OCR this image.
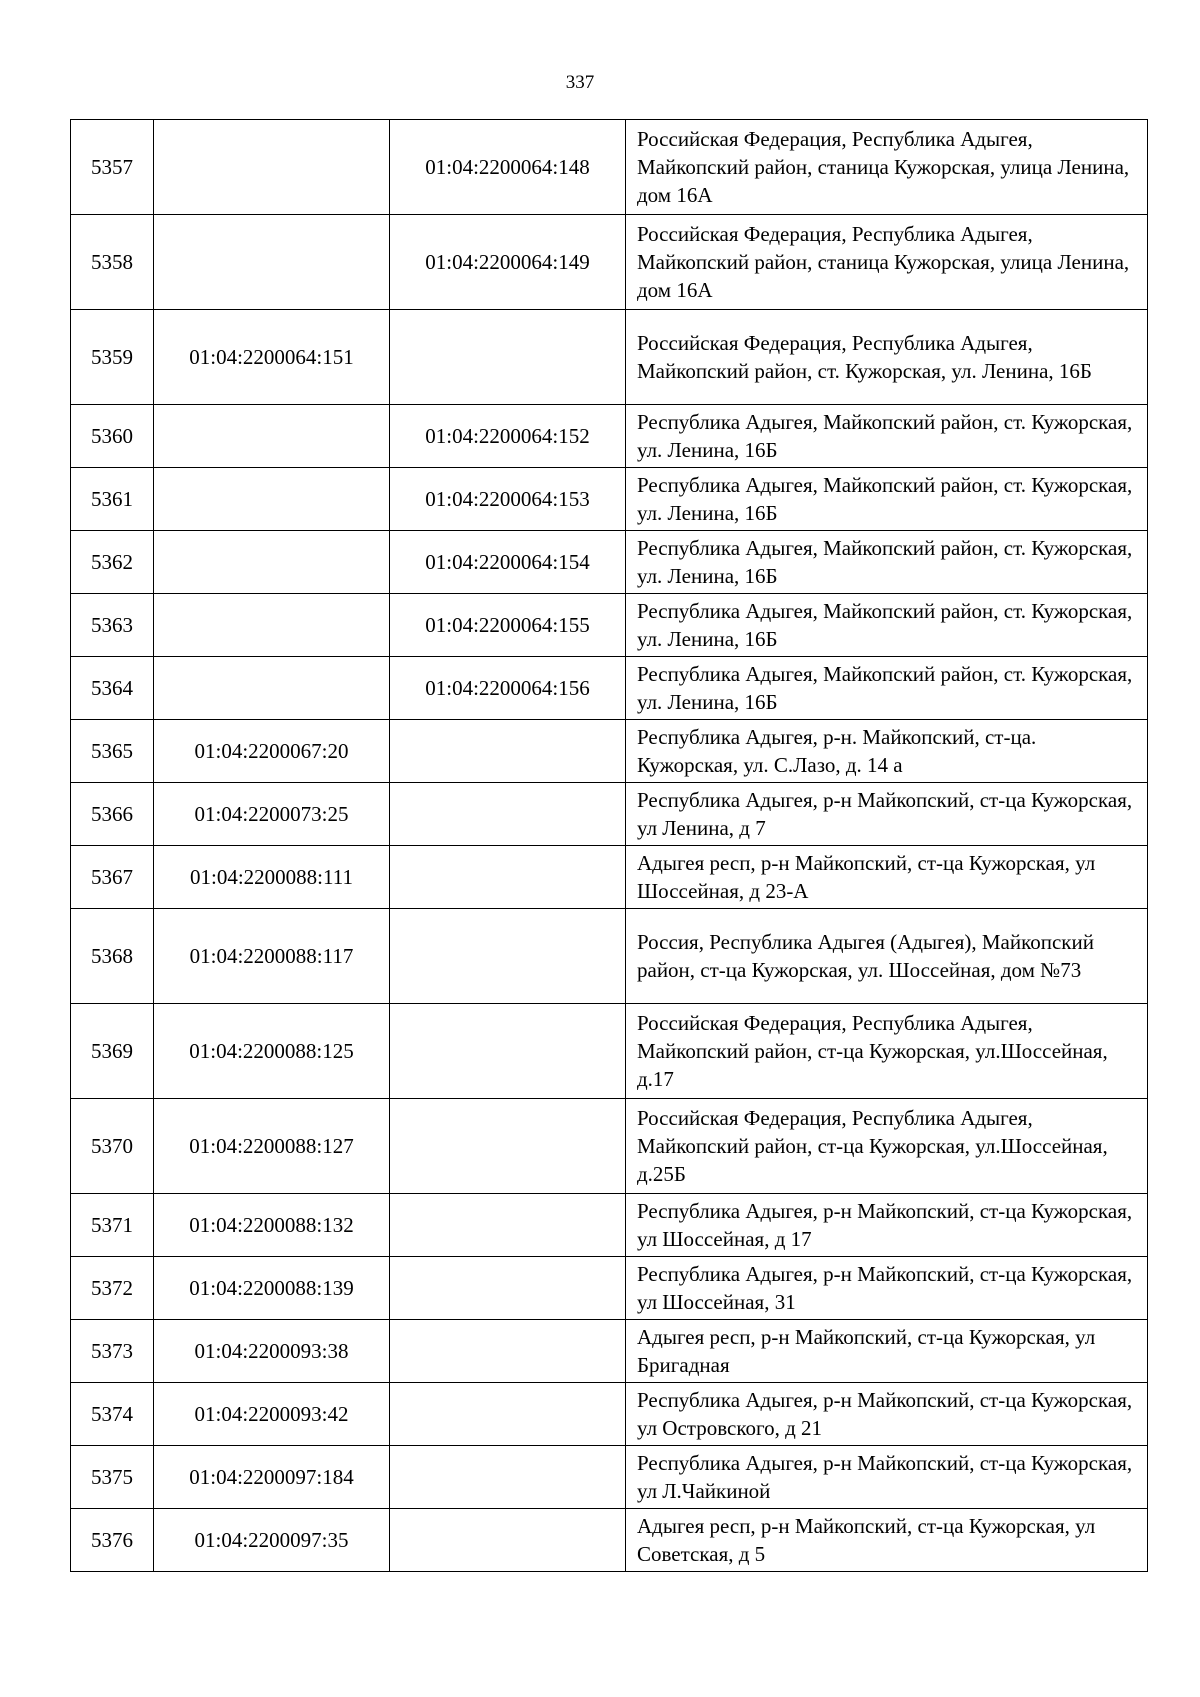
337
5357		01:04:2200064:148	Российская Федерация, Республика Адыгея, Майкопский район, станица Кужорская, улица Ленина, дом 16А
5358		01:04:2200064:149	Российская Федерация, Республика Адыгея, Майкопский район, станица Кужорская, улица Ленина, дом 16А
5359	01:04:2200064:151		Российская Федерация, Республика Адыгея, Майкопский район, ст. Кужорская, ул. Ленина, 16Б
5360		01:04:2200064:152	Республика Адыгея, Майкопский район, ст. Кужорская, ул. Ленина, 16Б
5361		01:04:2200064:153	Республика Адыгея, Майкопский район, ст. Кужорская, ул. Ленина, 16Б
5362		01:04:2200064:154	Республика Адыгея, Майкопский район, ст. Кужорская, ул. Ленина, 16Б
5363		01:04:2200064:155	Республика Адыгея, Майкопский район, ст. Кужорская, ул. Ленина, 16Б
5364		01:04:2200064:156	Республика Адыгея, Майкопский район, ст. Кужорская, ул. Ленина, 16Б
5365	01:04:2200067:20		Республика Адыгея, р-н. Майкопский, ст-ца. Кужорская, ул. С.Лазо, д. 14 а
5366	01:04:2200073:25		Республика Адыгея, р-н Майкопский, ст-ца Кужорская, ул Ленина, д 7
5367	01:04:2200088:111		Адыгея респ, р-н Майкопский, ст-ца Кужорская, ул Шоссейная, д 23-А
5368	01:04:2200088:117		Россия, Республика Адыгея (Адыгея), Майкопский район, ст-ца Кужорская, ул. Шоссейная, дом №73
5369	01:04:2200088:125		Российская Федерация, Республика Адыгея, Майкопский район, ст-ца Кужорская, ул.Шоссейная, д.17
5370	01:04:2200088:127		Российская Федерация, Республика Адыгея, Майкопский район, ст-ца Кужорская, ул.Шоссейная, д.25Б
5371	01:04:2200088:132		Республика Адыгея, р-н Майкопский, ст-ца Кужорская, ул Шоссейная, д 17
5372	01:04:2200088:139		Республика Адыгея, р-н Майкопский, ст-ца Кужорская, ул Шоссейная, 31
5373	01:04:2200093:38		Адыгея респ, р-н Майкопский, ст-ца Кужорская, ул Бригадная
5374	01:04:2200093:42		Республика Адыгея, р-н Майкопский, ст-ца Кужорская, ул Островского, д 21
5375	01:04:2200097:184		Республика Адыгея, р-н Майкопский, ст-ца Кужорская, ул Л.Чайкиной
5376	01:04:2200097:35		Адыгея респ, р-н Майкопский, ст-ца Кужорская, ул Советская, д 5
